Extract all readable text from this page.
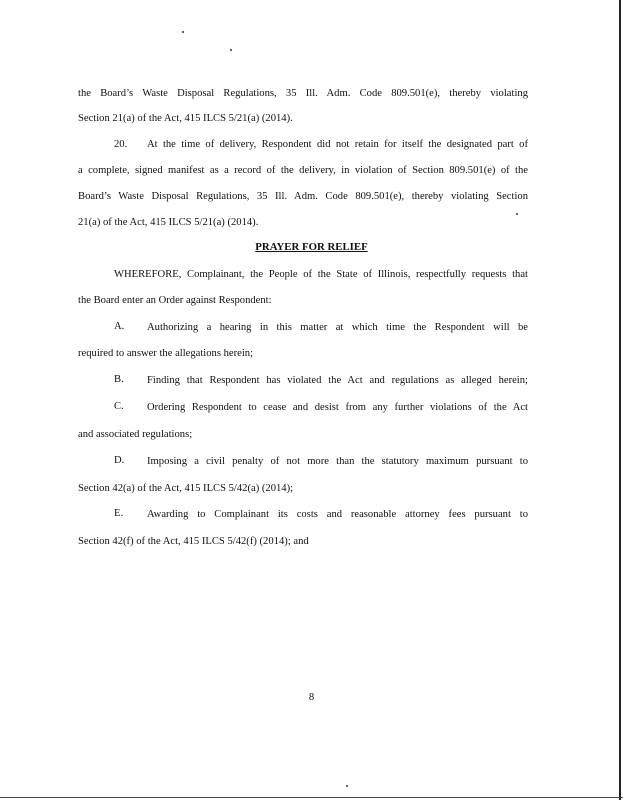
the Board’s Waste Disposal Regulations, 35 Ill. Adm. Code 809.501(e), thereby violating
Section 21(a) of the Act, 415 ILCS 5/21(a) (2014).
20. At the time of delivery, Respondent did not retain for itself the designated part of
a complete, signed manifest as a record of the delivery, in violation of Section 809.501(e) of the
Board’s Waste Disposal Regulations, 35 Ill. Adm. Code 809.501(e), thereby violating Section
21(a) of the Act, 415 ILCS 5/21(a) (2014).
PRAYER FOR RELIEF
WHEREFORE, Complainant, the People of the State of Illinois, respectfully requests that
the Board enter an Order against Respondent:
A. Authorizing a hearing in this matter at which time the Respondent will be
required to answer the allegations herein;
B. Finding that Respondent has violated the Act and regulations as alleged herein;
C. Ordering Respondent to cease and desist from any further violations of the Act
and associated regulations;
D. Imposing a civil penalty of not more than the statutory maximum pursuant to
Section 42(a) of the Act, 415 ILCS 5/42(a) (2014);
E. Awarding to Complainant its costs and reasonable attorney fees pursuant to
Section 42(f) of the Act, 415 ILCS 5/42(f) (2014); and
8
